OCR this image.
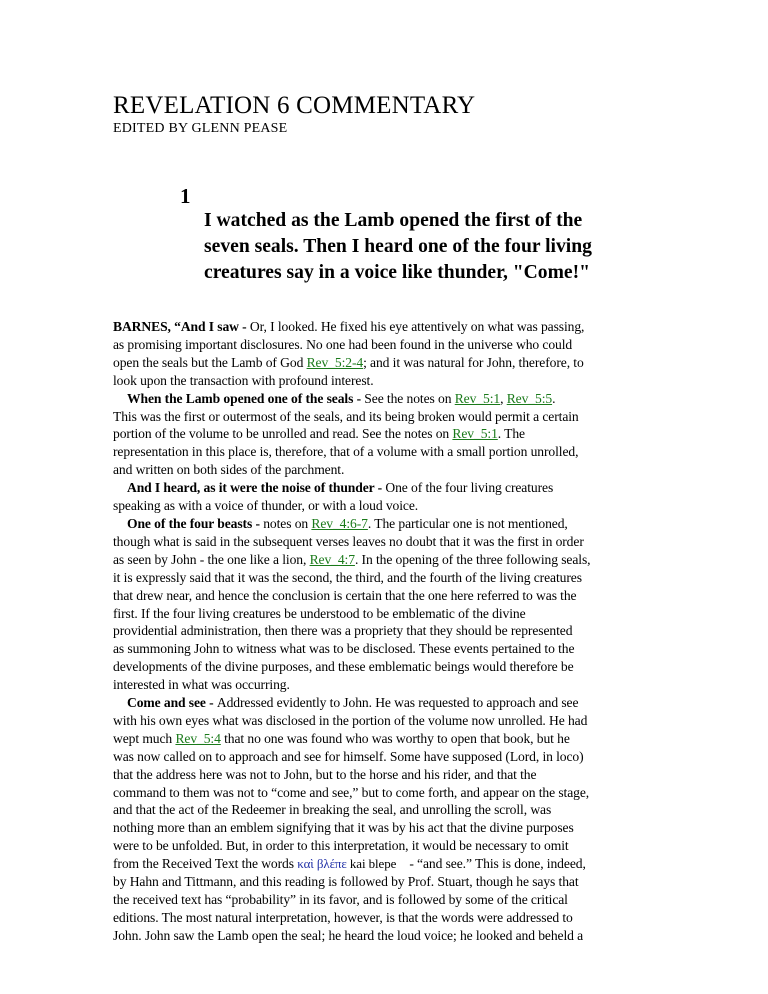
REVELATION 6 COMMENTARY
EDITED BY GLENN PEASE
1
I watched as the Lamb opened the first of the
seven seals. Then I heard one of the four living
creatures say in a voice like thunder, "Come!"
BARNES, “And I saw - Or, I looked. He fixed his eye attentively on what was passing,
as promising important disclosures. No one had been found in the universe who could
open the seals but the Lamb of God Rev_5:2-4; and it was natural for John, therefore, to
look upon the transaction with profound interest.
When the Lamb opened one of the seals - See the notes on Rev_5:1, Rev_5:5.
This was the first or outermost of the seals, and its being broken would permit a certain
portion of the volume to be unrolled and read. See the notes on Rev_5:1. The
representation in this place is, therefore, that of a volume with a small portion unrolled,
and written on both sides of the parchment.
And I heard, as it were the noise of thunder - One of the four living creatures
speaking as with a voice of thunder, or with a loud voice.
One of the four beasts - notes on Rev_4:6-7. The particular one is not mentioned,
though what is said in the subsequent verses leaves no doubt that it was the first in order
as seen by John - the one like a lion, Rev_4:7. In the opening of the three following seals,
it is expressly said that it was the second, the third, and the fourth of the living creatures
that drew near, and hence the conclusion is certain that the one here referred to was the
first. If the four living creatures be understood to be emblematic of the divine
providential administration, then there was a propriety that they should be represented
as summoning John to witness what was to be disclosed. These events pertained to the
developments of the divine purposes, and these emblematic beings would therefore be
interested in what was occurring.
Come and see - Addressed evidently to John. He was requested to approach and see
with his own eyes what was disclosed in the portion of the volume now unrolled. He had
wept much Rev_5:4 that no one was found who was worthy to open that book, but he
was now called on to approach and see for himself. Some have supposed (Lord, in loco)
that the address here was not to John, but to the horse and his rider, and that the
command to them was not to “come and see,” but to come forth, and appear on the stage,
and that the act of the Redeemer in breaking the seal, and unrolling the scroll, was
nothing more than an emblem signifying that it was by his act that the divine purposes
were to be unfolded. But, in order to this interpretation, it would be necessary to omit
from the Received Text the words καὶ βλέπε kai blepe    - “and see.” This is done, indeed,
by Hahn and Tittmann, and this reading is followed by Prof. Stuart, though he says that
the received text has “probability” in its favor, and is followed by some of the critical
editions. The most natural interpretation, however, is that the words were addressed to
John. John saw the Lamb open the seal; he heard the loud voice; he looked and beheld a
